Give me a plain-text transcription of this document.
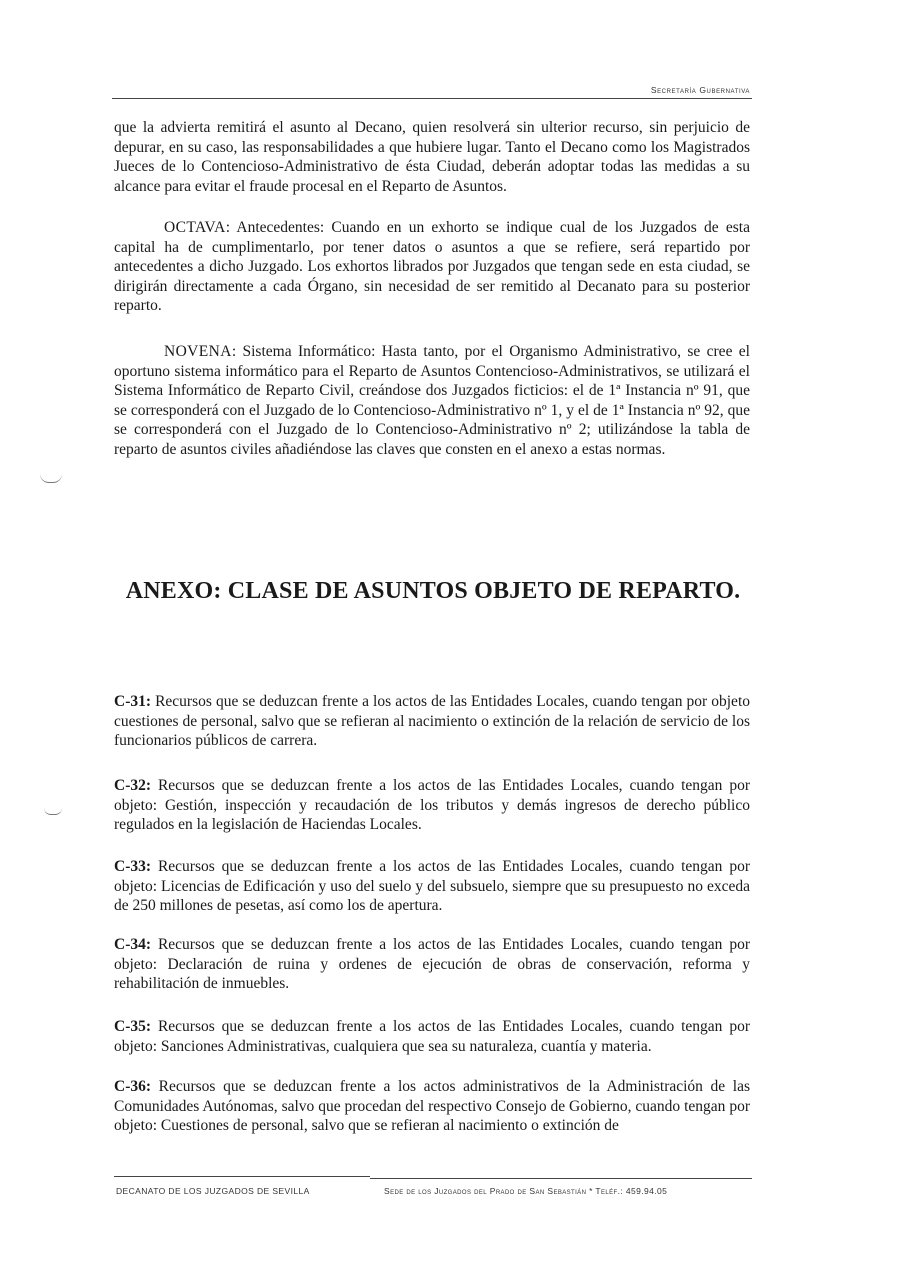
Secretaría Gubernativa

que la advierta remitirá el asunto al Decano, quien resolverá sin ulterior recurso, sin perjuicio de depurar, en su caso, las responsabilidades a que hubiere lugar. Tanto el Decano como los Magistrados Jueces de lo Contencioso-Administrativo de ésta Ciudad, deberán adoptar todas las medidas a su alcance para evitar el fraude procesal en el Reparto de Asuntos.

OCTAVA: Antecedentes: Cuando en un exhorto se indique cual de los Juzgados de esta capital ha de cumplimentarlo, por tener datos o asuntos a que se refiere, será repartido por antecedentes a dicho Juzgado. Los exhortos librados por Juzgados que tengan sede en esta ciudad, se dirigirán directamente a cada Órgano, sin necesidad de ser remitido al Decanato para su posterior reparto.

NOVENA: Sistema Informático: Hasta tanto, por el Organismo Administrativo, se cree el oportuno sistema informático para el Reparto de Asuntos Contencioso-Administrativos, se utilizará el Sistema Informático de Reparto Civil, creándose dos Juzgados ficticios: el de 1ª Instancia nº 91, que se corresponderá con el Juzgado de lo Contencioso-Administrativo nº 1, y el de 1ª Instancia nº 92, que se corresponderá con el Juzgado de lo Contencioso-Administrativo nº 2; utilizándose la tabla de reparto de asuntos civiles añadiéndose las claves que consten en el anexo a estas normas.

ANEXO: CLASE DE ASUNTOS OBJETO DE REPARTO.

C-31: Recursos que se deduzcan frente a los actos de las Entidades Locales, cuando tengan por objeto cuestiones de personal, salvo que se refieran al nacimiento o extinción de la relación de servicio de los funcionarios públicos de carrera.

C-32: Recursos que se deduzcan frente a los actos de las Entidades Locales, cuando tengan por objeto: Gestión, inspección y recaudación de los tributos y demás ingresos de derecho público regulados en la legislación de Haciendas Locales.

C-33: Recursos que se deduzcan frente a los actos de las Entidades Locales, cuando tengan por objeto: Licencias de Edificación y uso del suelo y del subsuelo, siempre que su presupuesto no exceda de 250 millones de pesetas, así como los de apertura.

C-34: Recursos que se deduzcan frente a los actos de las Entidades Locales, cuando tengan por objeto: Declaración de ruina y ordenes de ejecución de obras de conservación, reforma y rehabilitación de inmuebles.

C-35: Recursos que se deduzcan frente a los actos de las Entidades Locales, cuando tengan por objeto: Sanciones Administrativas, cualquiera que sea su naturaleza, cuantía y materia.

C-36: Recursos que se deduzcan frente a los actos administrativos de la Administración de las Comunidades Autónomas, salvo que procedan del respectivo Consejo de Gobierno, cuando tengan por objeto: Cuestiones de personal, salvo que se refieran al nacimiento o extinción de

DECANATO DE LOS JUZGADOS DE SEVILLA	Sede de los Juzgados del Prado de San Sebastián * Teléf.: 459.94.05
